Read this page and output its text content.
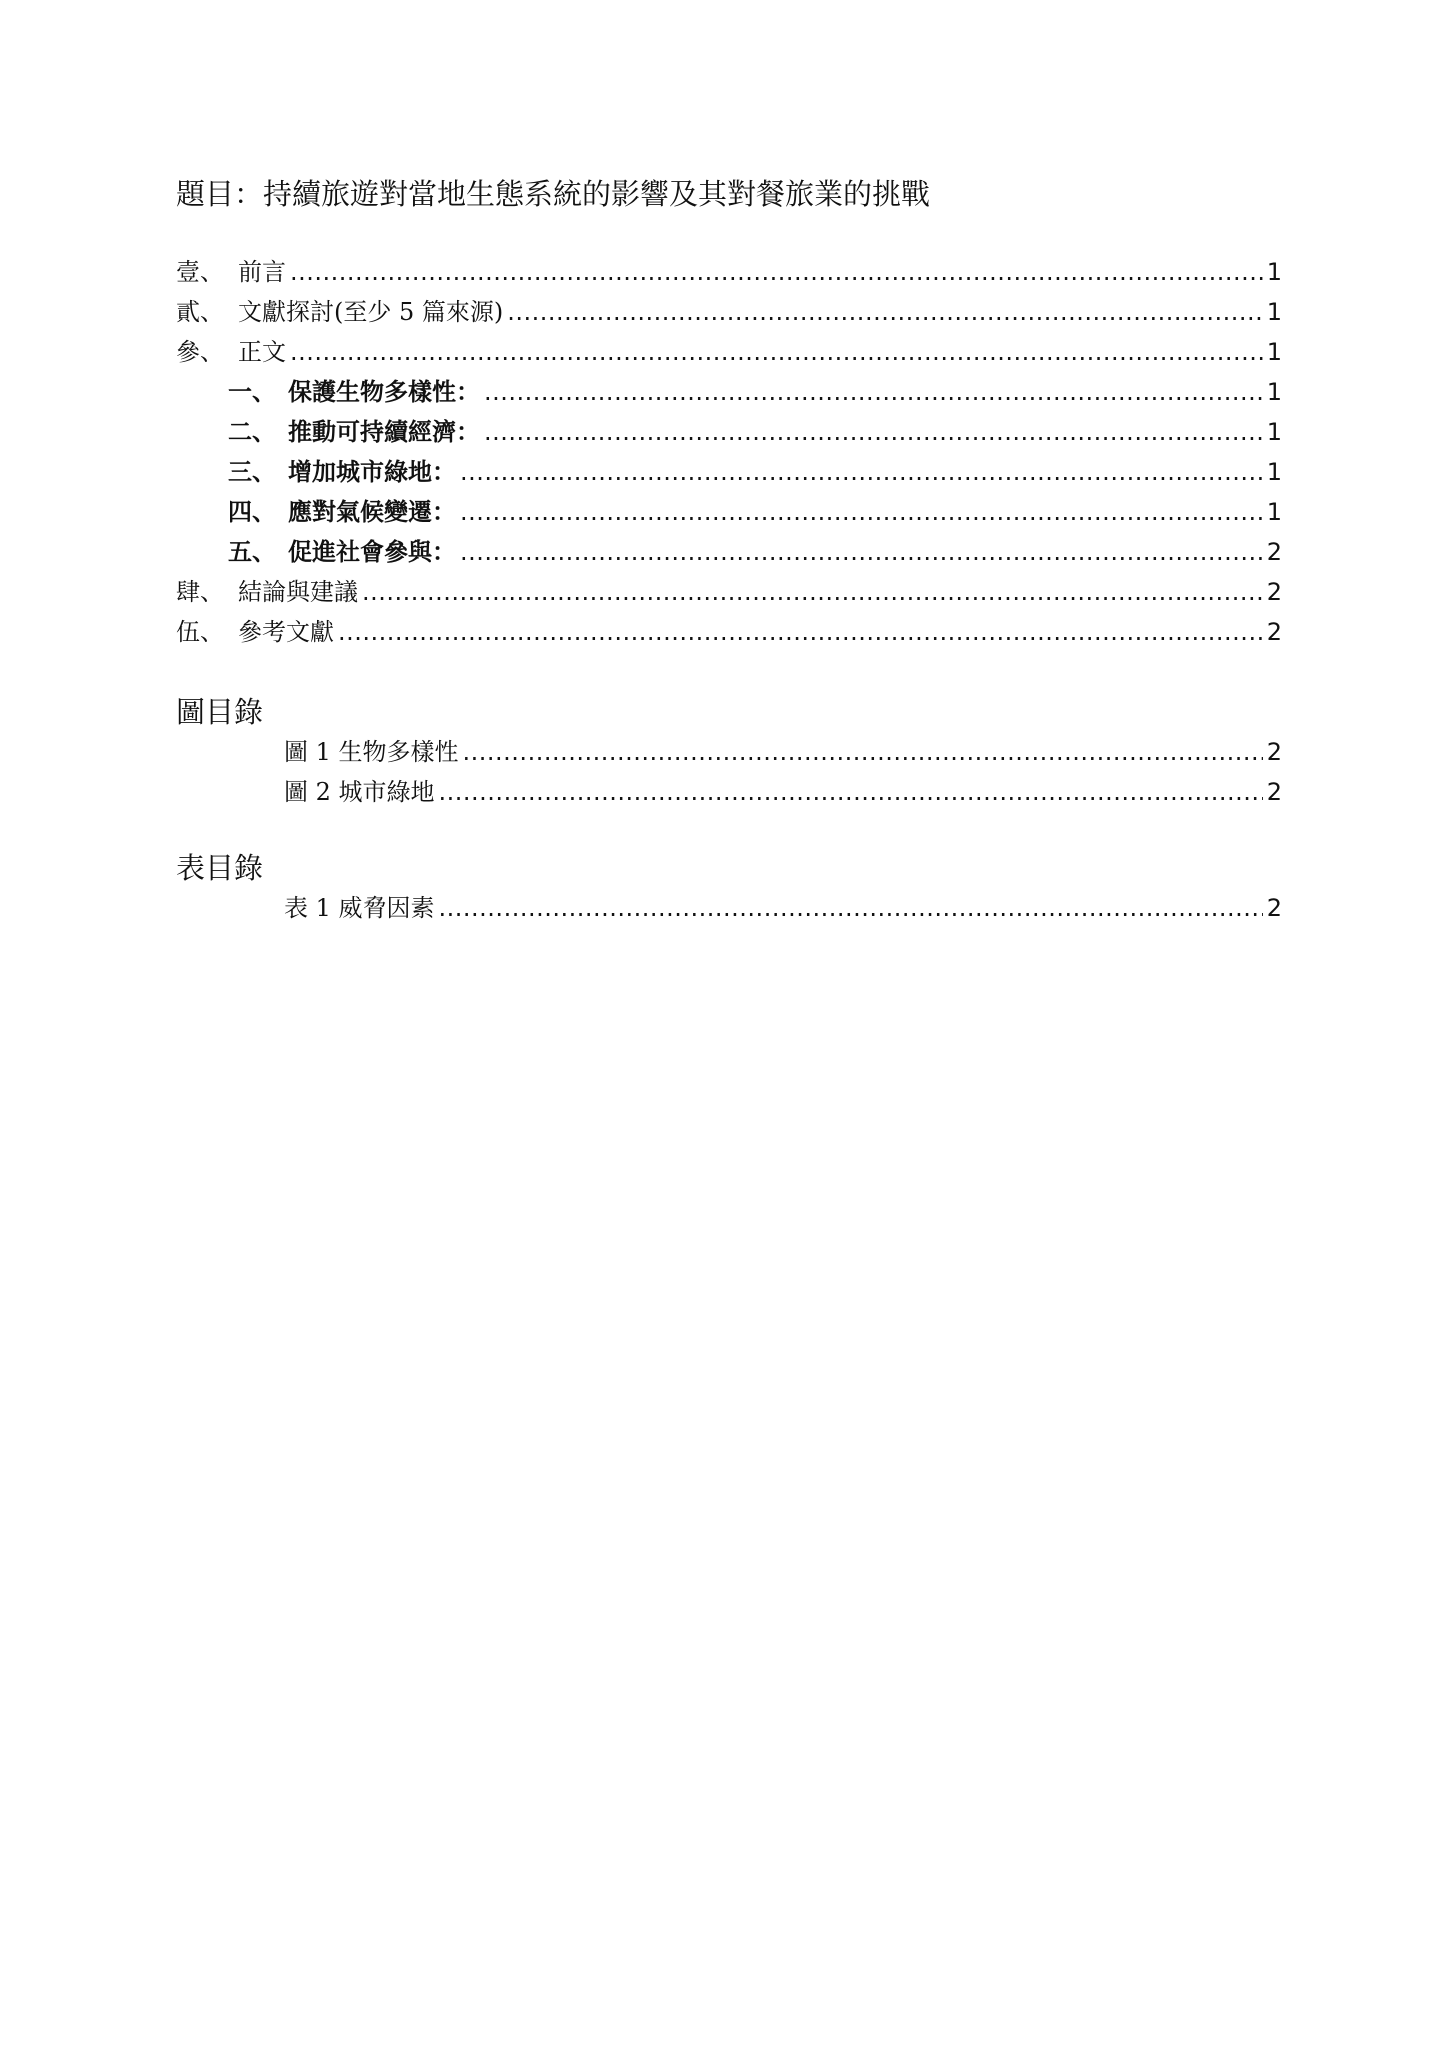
題目：持續旅遊對當地生態系統的影響及其對餐旅業的挑戰
壹、 前言 .....	1
貳、 文獻探討(至少 5 篇來源) .....	1
參、 正文 .....	1
一、 保護生物多樣性： .....	1
二、 推動可持續經濟： .....	1
三、 增加城市綠地： .....	1
四、 應對氣候變遷： .....	1
五、 促進社會參與： .....	2
肆、 結論與建議 .....	2
伍、 參考文獻 .....	2
圖目錄
圖 1 生物多樣性 .....	2
圖 2 城市綠地 .....	2
表目錄
表 1 威脅因素 .....	2
